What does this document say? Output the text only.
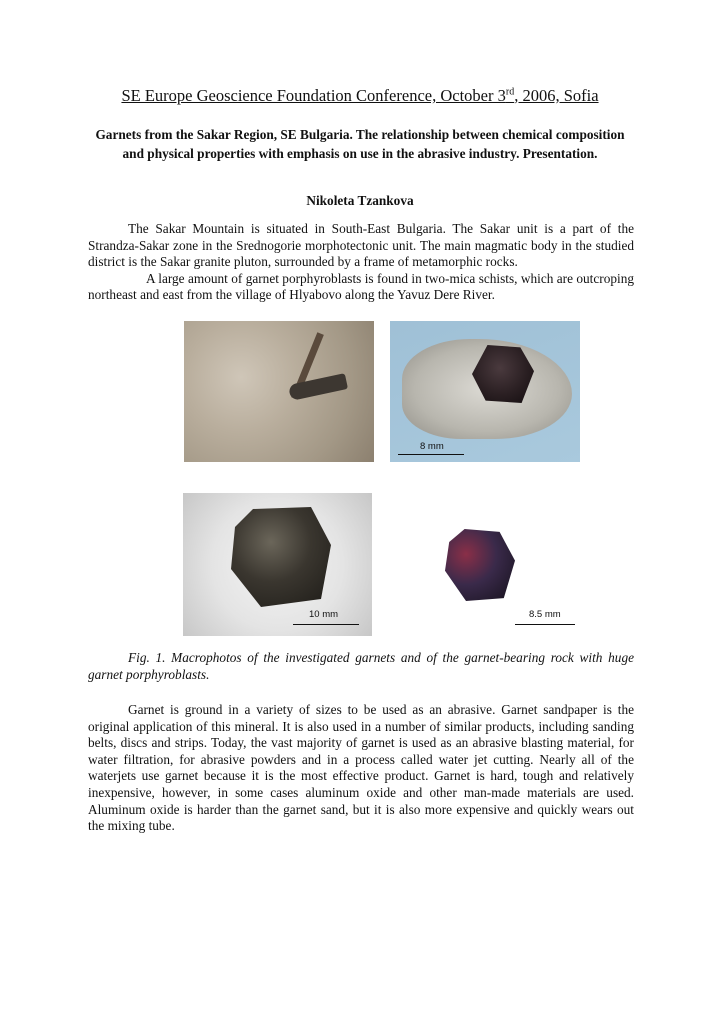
SE Europe Geoscience Foundation Conference, October 3rd, 2006, Sofia
Garnets from the Sakar Region, SE Bulgaria. The relationship between chemical composition and physical properties with emphasis on use in the abrasive industry. Presentation.
Nikoleta Tzankova
The Sakar Mountain is situated in South-East Bulgaria. The Sakar unit is a part of the Strandza-Sakar zone in the Srednogorie morphotectonic unit. The main magmatic body in the studied district is the Sakar granite pluton, surrounded by a frame of metamorphic rocks.
A large amount of garnet porphyroblasts is found in two-mica schists, which are outcroping northeast and east from the village of Hlyabovo along the Yavuz Dere River.
8 mm
10 mm	8.5 mm

Fig. 1. Macrophotos of the investigated garnets and of the garnet-bearing rock with huge garnet porphyroblasts.

Garnet is ground in a variety of sizes to be used as an abrasive. Garnet sandpaper is the original application of this mineral. It is also used in a number of similar products, including sanding belts, discs and strips. Today, the vast majority of garnet is used as an abrasive blasting material, for water filtration, for abrasive powders and in a process called water jet cutting. Nearly all of the waterjets use garnet because it is the most effective product. Garnet is hard, tough and relatively inexpensive, however, in some cases aluminum oxide and other man-made materials are used. Aluminum oxide is harder than the garnet sand, but it is also more expensive and quickly wears out the mixing tube.
